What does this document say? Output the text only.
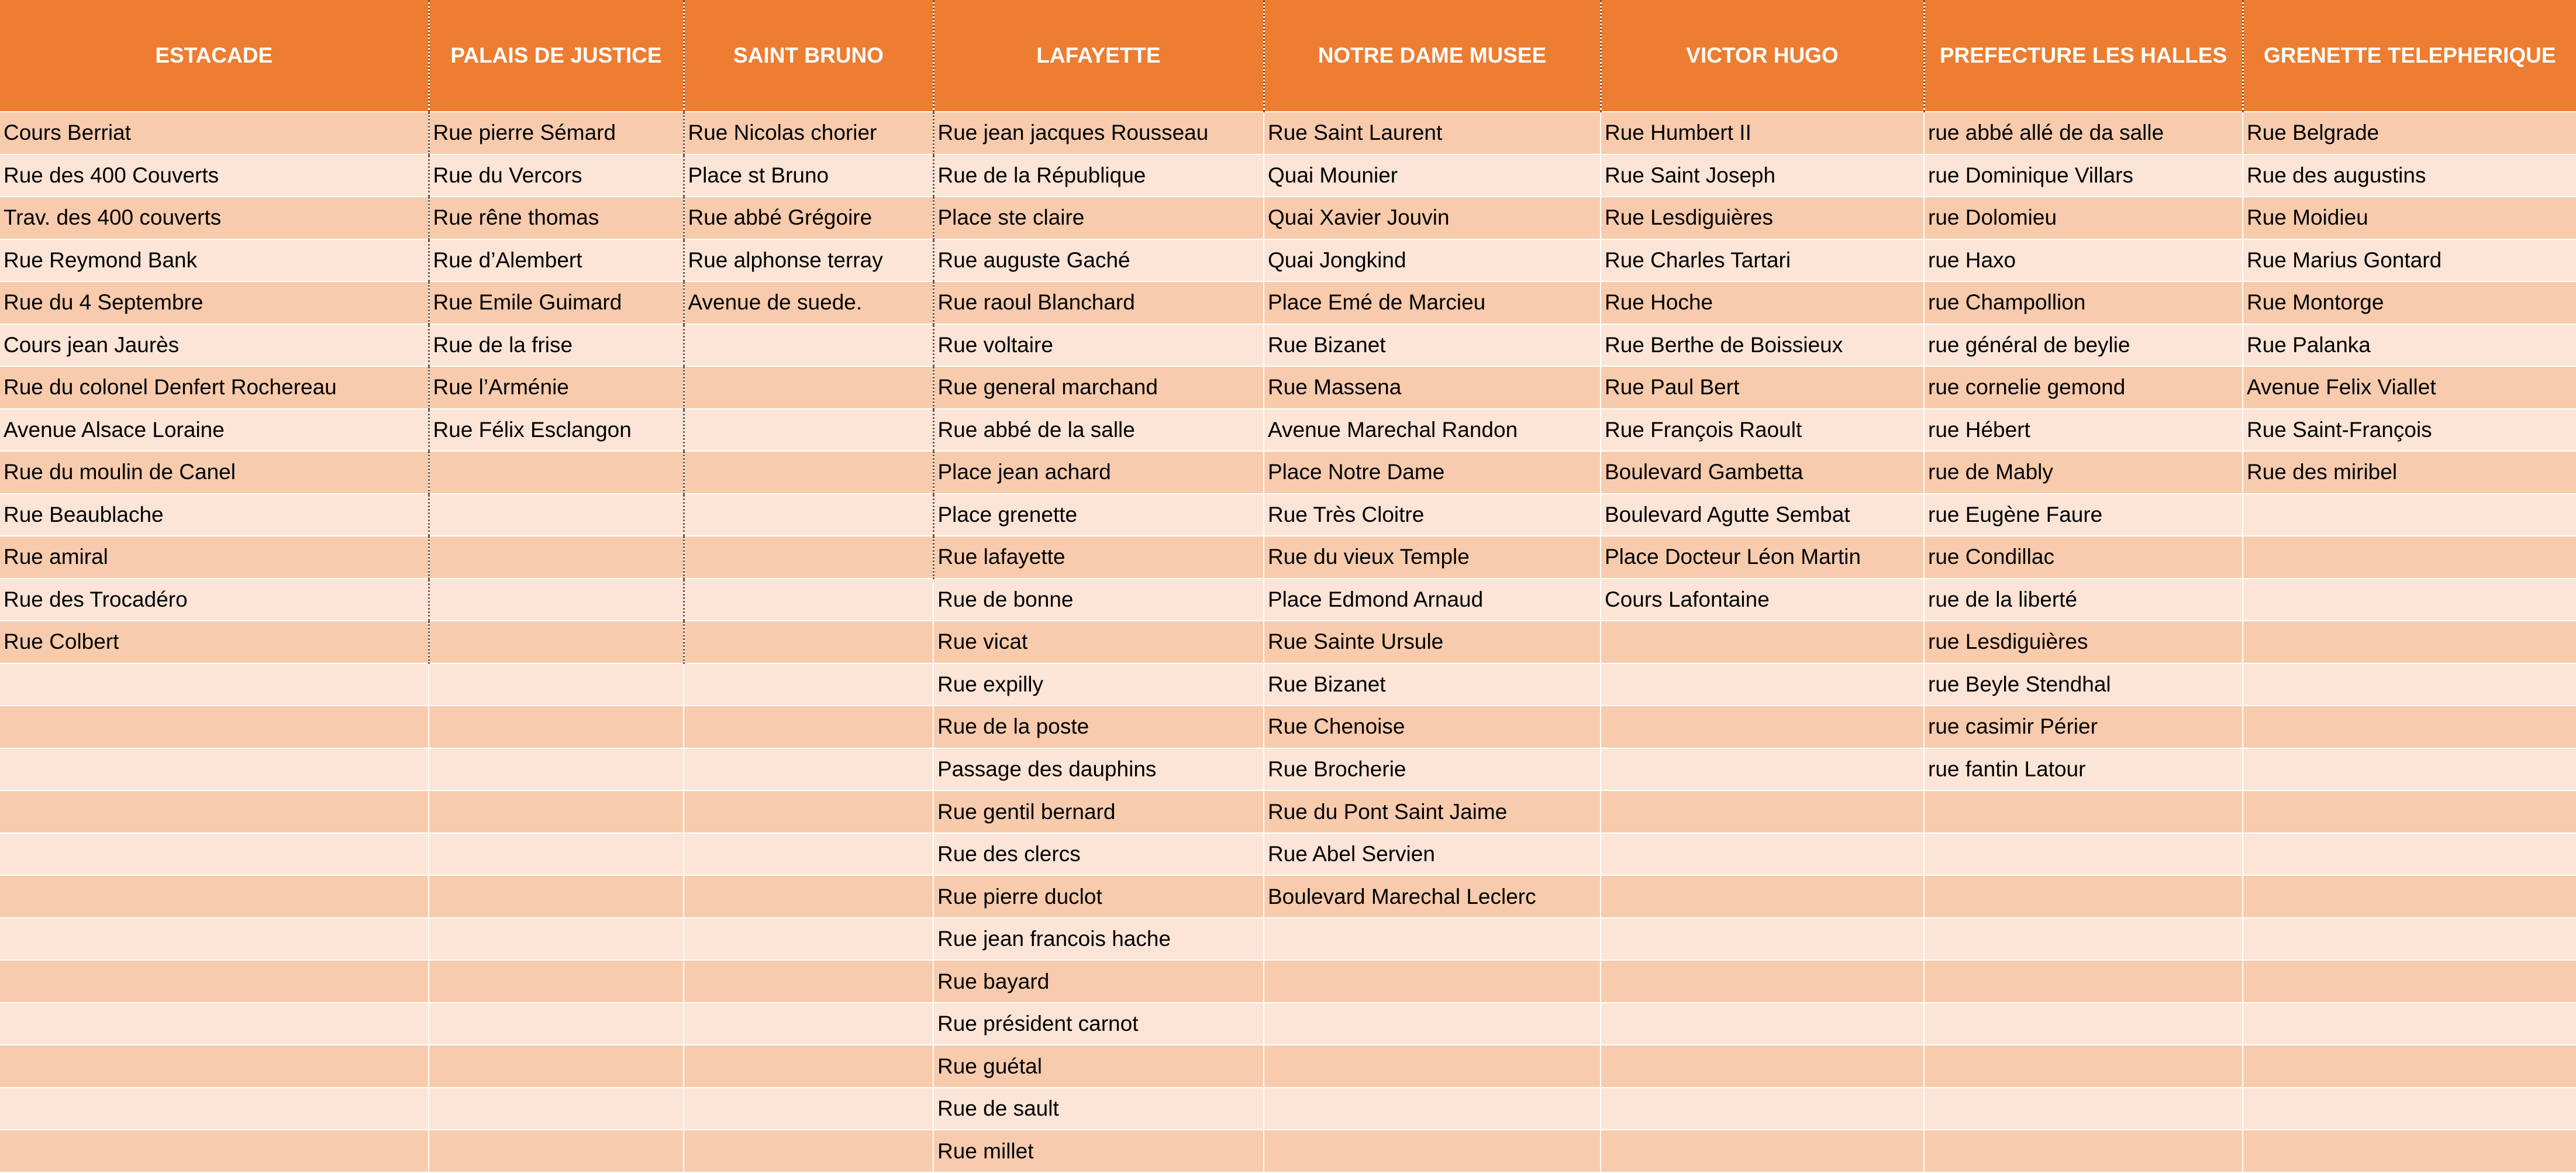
ESTACADE	PALAIS DE JUSTICE	SAINT BRUNO	LAFAYETTE	NOTRE DAME MUSEE	VICTOR HUGO	PREFECTURE LES HALLES	GRENETTE TELEPHERIQUE
Cours Berriat	Rue pierre Sémard	Rue Nicolas chorier	Rue jean jacques Rousseau	Rue Saint Laurent	Rue Humbert II	rue abbé allé de da salle	Rue Belgrade
Rue des 400 Couverts	Rue du Vercors	Place st Bruno	Rue de la République	Quai Mounier	Rue Saint Joseph	rue Dominique Villars	Rue des augustins
Trav. des 400 couverts	Rue rêne thomas	Rue abbé Grégoire	Place ste claire	Quai Xavier Jouvin	Rue Lesdiguières	rue Dolomieu	Rue Moidieu
Rue Reymond Bank	Rue d’Alembert	Rue alphonse terray	Rue auguste Gaché	Quai Jongkind	Rue Charles Tartari	rue Haxo	Rue Marius Gontard
Rue du 4 Septembre	Rue Emile Guimard	Avenue de suede.	Rue raoul Blanchard	Place Emé de Marcieu	Rue Hoche	rue Champollion	Rue Montorge
Cours jean Jaurès	Rue de la frise		Rue voltaire	Rue Bizanet	Rue Berthe de Boissieux	rue général de beylie	Rue Palanka
Rue du colonel Denfert Rochereau	Rue l’Arménie		Rue general marchand	Rue Massena	Rue Paul Bert	rue cornelie gemond	Avenue Felix Viallet
Avenue Alsace Loraine	Rue Félix Esclangon		Rue abbé de la salle	Avenue Marechal Randon	Rue François Raoult	rue Hébert	Rue Saint-François
Rue du moulin de Canel			Place jean achard	Place Notre Dame	Boulevard Gambetta	rue de Mably	Rue des miribel
Rue Beaublache			Place grenette	Rue Très Cloitre	Boulevard Agutte Sembat	rue Eugène Faure	
Rue amiral			Rue lafayette	Rue du vieux Temple	Place Docteur Léon Martin	rue Condillac	
Rue des Trocadéro			Rue de bonne	Place Edmond Arnaud	Cours Lafontaine	rue de la liberté	
Rue Colbert			Rue vicat	Rue Sainte Ursule		rue Lesdiguières	
			Rue expilly	Rue Bizanet		rue Beyle Stendhal	
			Rue de la poste	Rue Chenoise		rue casimir Périer	
			Passage des dauphins	Rue Brocherie		rue fantin Latour	
			Rue gentil bernard	Rue du Pont Saint Jaime			
			Rue des clercs	Rue Abel Servien			
			Rue pierre duclot	Boulevard Marechal Leclerc			
			Rue jean francois hache				
			Rue bayard				
			Rue président carnot				
			Rue guétal				
			Rue de sault				
			Rue millet				
